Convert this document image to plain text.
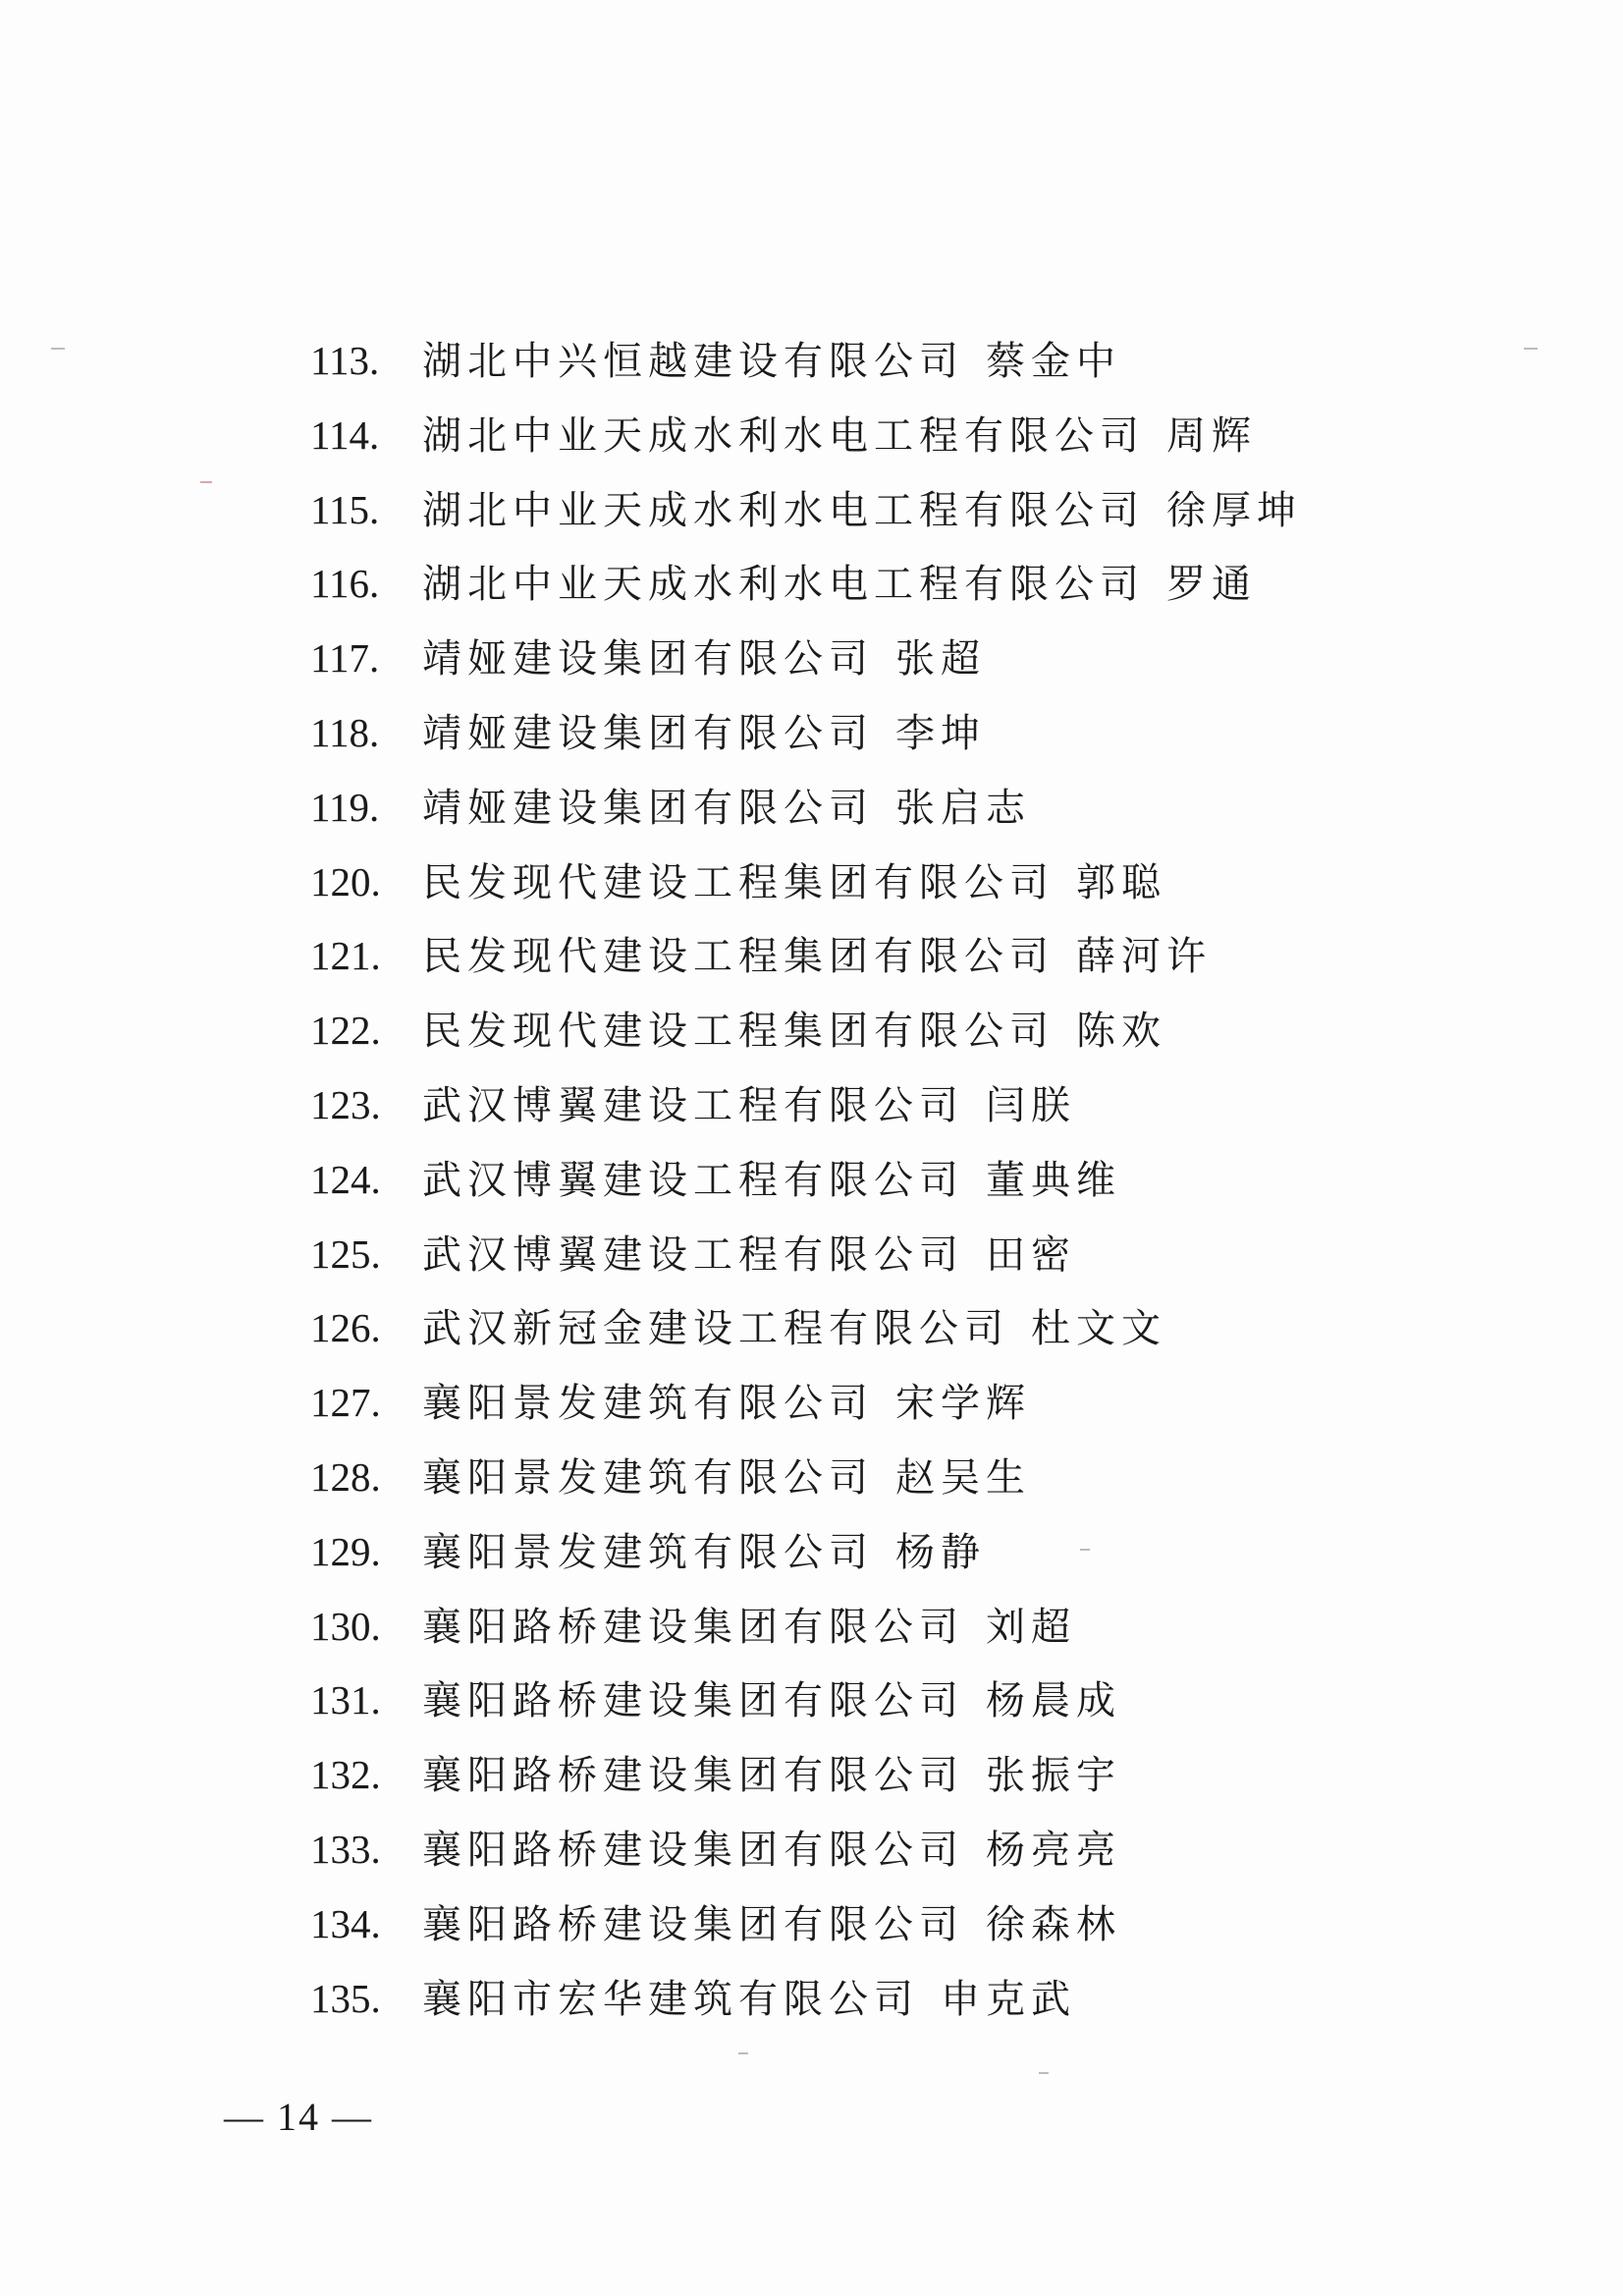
113. 湖北中兴恒越建设有限公司 蔡金中
114. 湖北中业天成水利水电工程有限公司 周辉
115. 湖北中业天成水利水电工程有限公司 徐厚坤
116. 湖北中业天成水利水电工程有限公司 罗通
117. 靖娅建设集团有限公司 张超
118. 靖娅建设集团有限公司 李坤
119. 靖娅建设集团有限公司 张启志
120. 民发现代建设工程集团有限公司 郭聪
121. 民发现代建设工程集团有限公司 薛河许
122. 民发现代建设工程集团有限公司 陈欢
123. 武汉博翼建设工程有限公司 闫朕
124. 武汉博翼建设工程有限公司 董典维
125. 武汉博翼建设工程有限公司 田密
126. 武汉新冠金建设工程有限公司 杜文文
127. 襄阳景发建筑有限公司 宋学辉
128. 襄阳景发建筑有限公司 赵吴生
129. 襄阳景发建筑有限公司 杨静
130. 襄阳路桥建设集团有限公司 刘超
131. 襄阳路桥建设集团有限公司 杨晨成
132. 襄阳路桥建设集团有限公司 张振宇
133. 襄阳路桥建设集团有限公司 杨亮亮
134. 襄阳路桥建设集团有限公司 徐森林
135. 襄阳市宏华建筑有限公司 申克武
— 14 —
